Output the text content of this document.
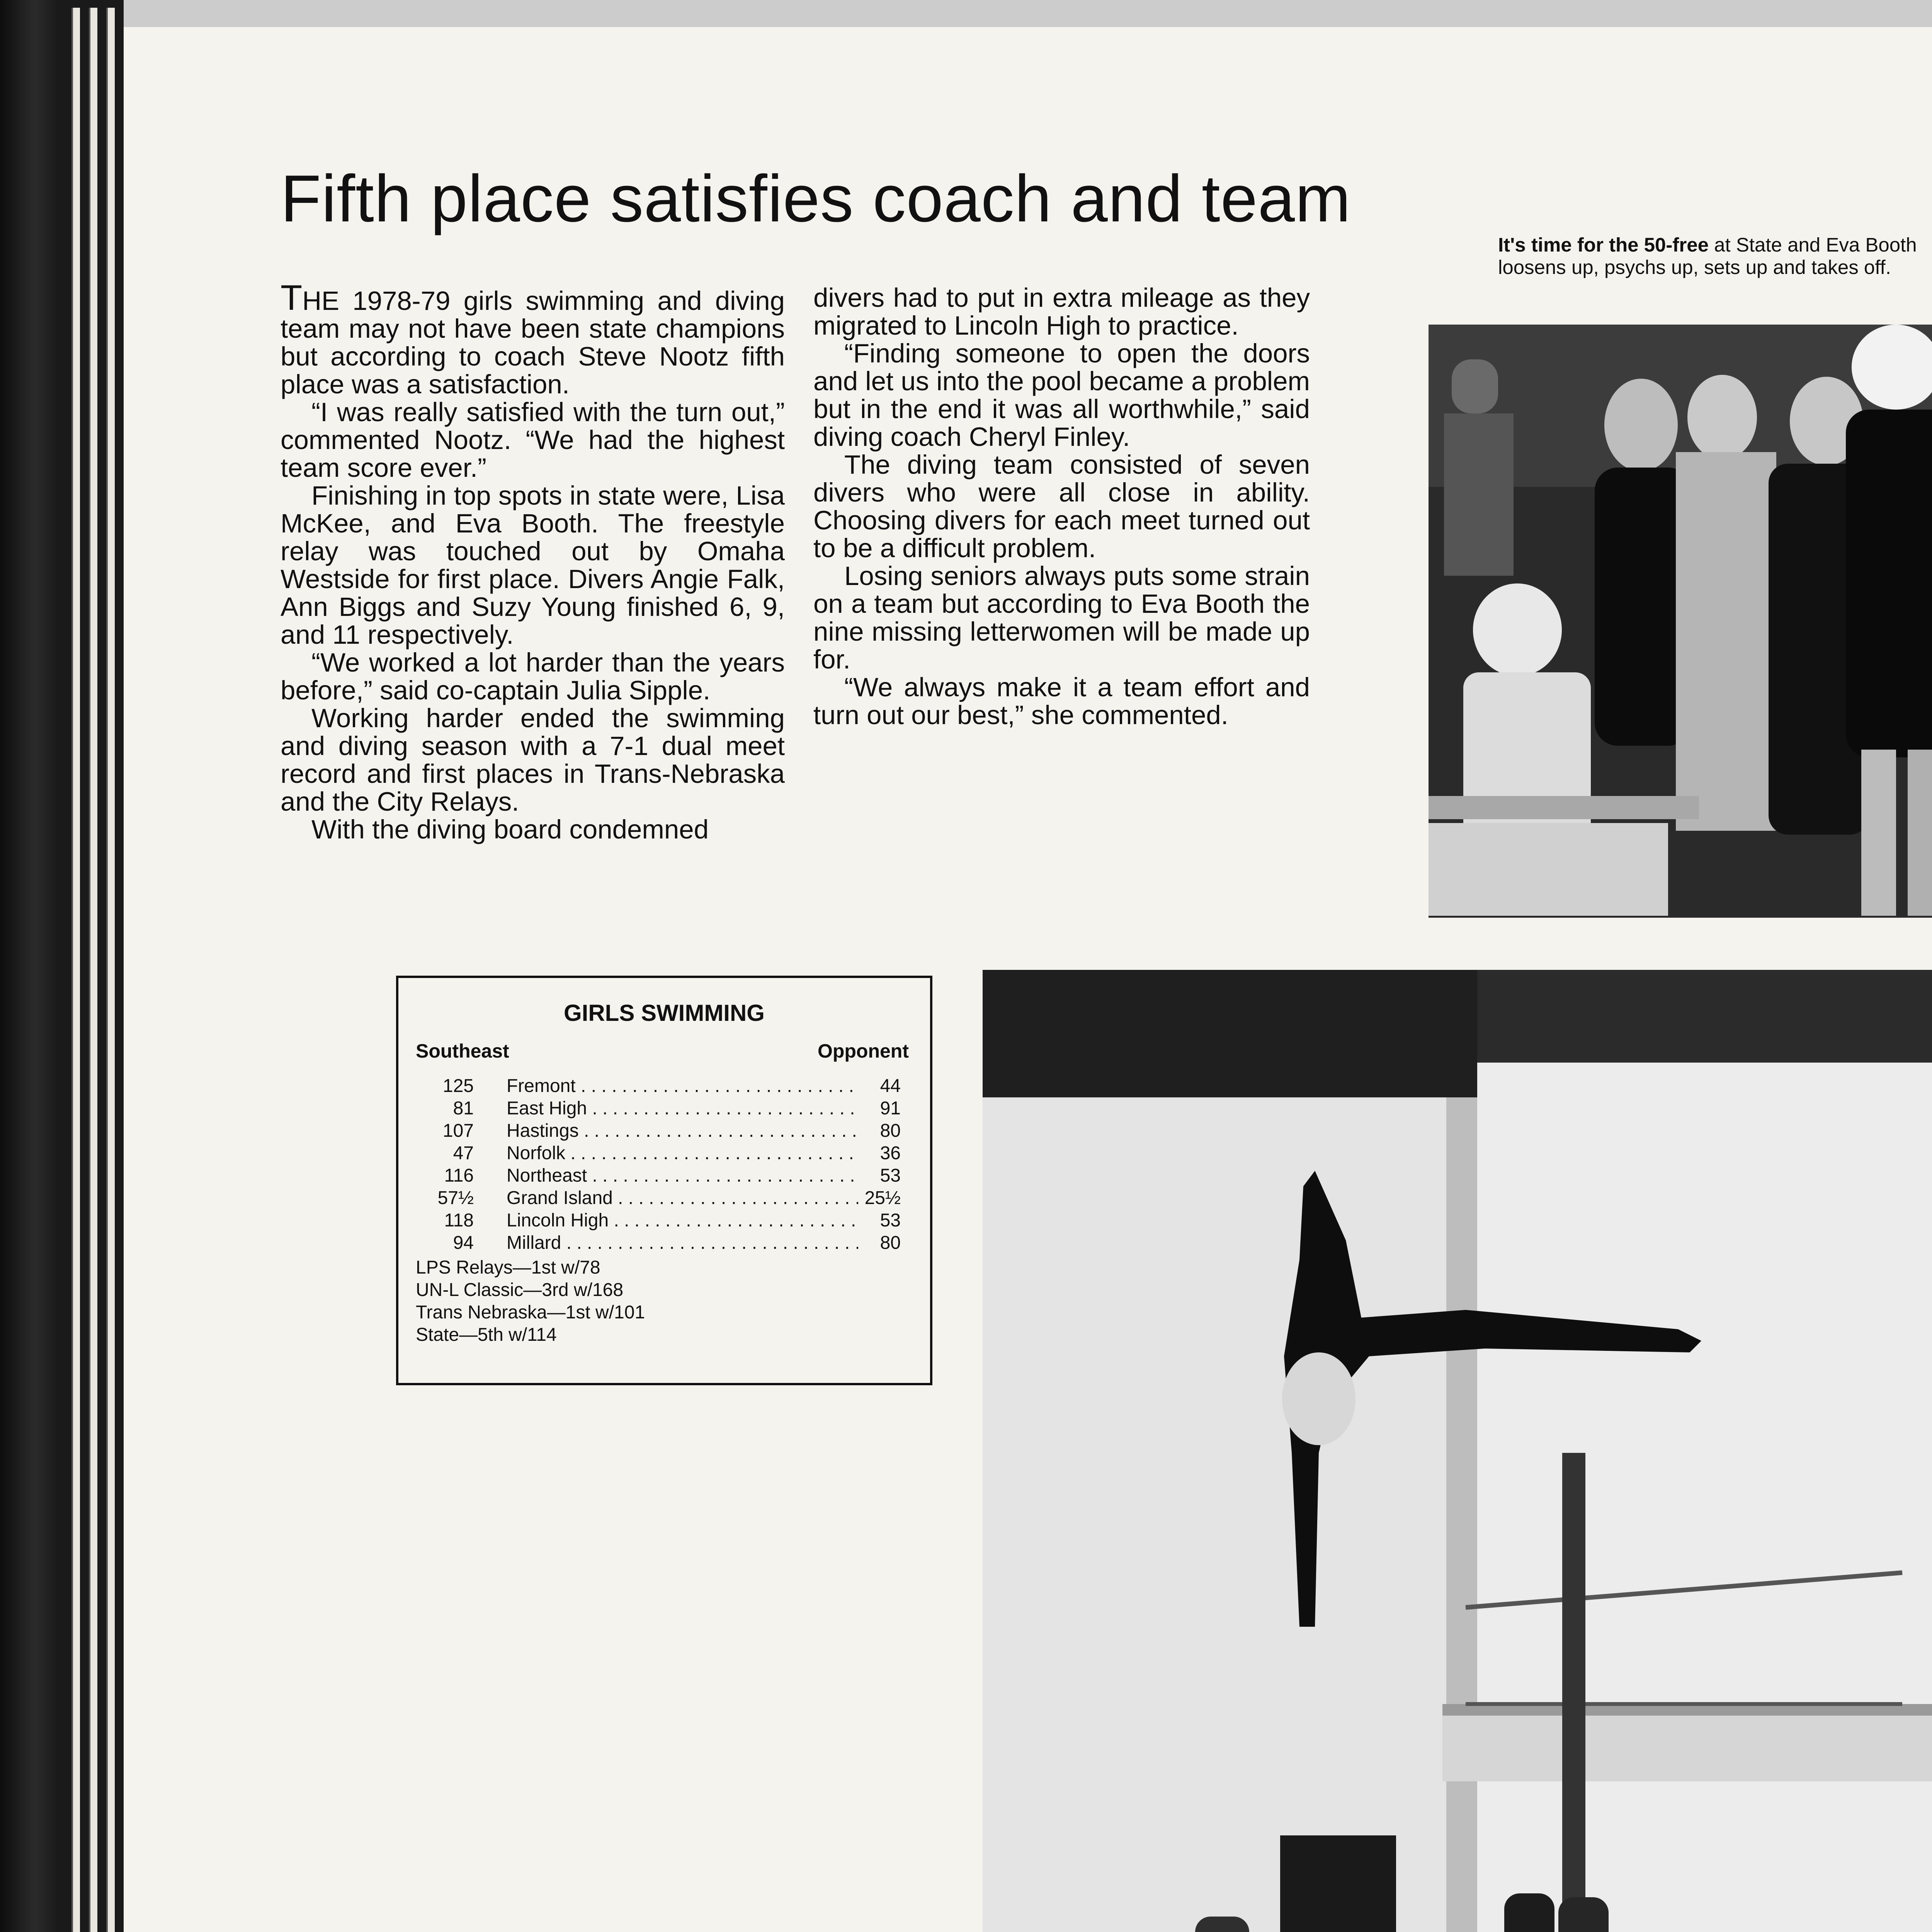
Fifth place satisfies coach and team

THE 1978-79 girls swimming and diving team may not have been state champions but according to coach Steve Nootz fifth place was a satisfaction.

“I was really satisfied with the turn out,” commented Nootz. “We had the highest team score ever.”

Finishing in top spots in state were, Lisa McKee, and Eva Booth. The freestyle relay was touched out by Omaha Westside for first place. Divers Angie Falk, Ann Biggs and Suzy Young finished 6, 9, and 11 respectively.

“We worked a lot harder than the years before,” said co-captain Julia Sipple.

Working harder ended the swimming and diving season with a 7-1 dual meet record and first places in Trans-Nebraska and the City Relays.

With the diving board condemned

divers had to put in extra mileage as they migrated to Lincoln High to practice.

“Finding someone to open the doors and let us into the pool became a problem but in the end it was all worthwhile,” said diving coach Cheryl Finley.

The diving team consisted of seven divers who were all close in ability. Choosing divers for each meet turned out to be a difficult problem.

Losing seniors always puts some strain on a team but according to Eva Booth the nine missing letterwomen will be made up for.

“We always make it a team effort and turn out our best,” she commented.

It's time for the 50-free at State and Eva Booth loosens up, psychs up, sets up and takes off.
GIRLS SWIMMING
Southeast	Opponent
125 Fremont . . .	44
81 East High . . .	91
107 Hastings . . .	80
47 Norfolk . . .	36
116 Northeast . . .	53
57½ Grand Island . . .	25½
118 Lincoln High . . .	53
94 Millard . . .	80
LPS Relays—1st w/78
UN-L Classic—3rd w/168
Trans Nebraska—1st w/101
State—5th w/114
